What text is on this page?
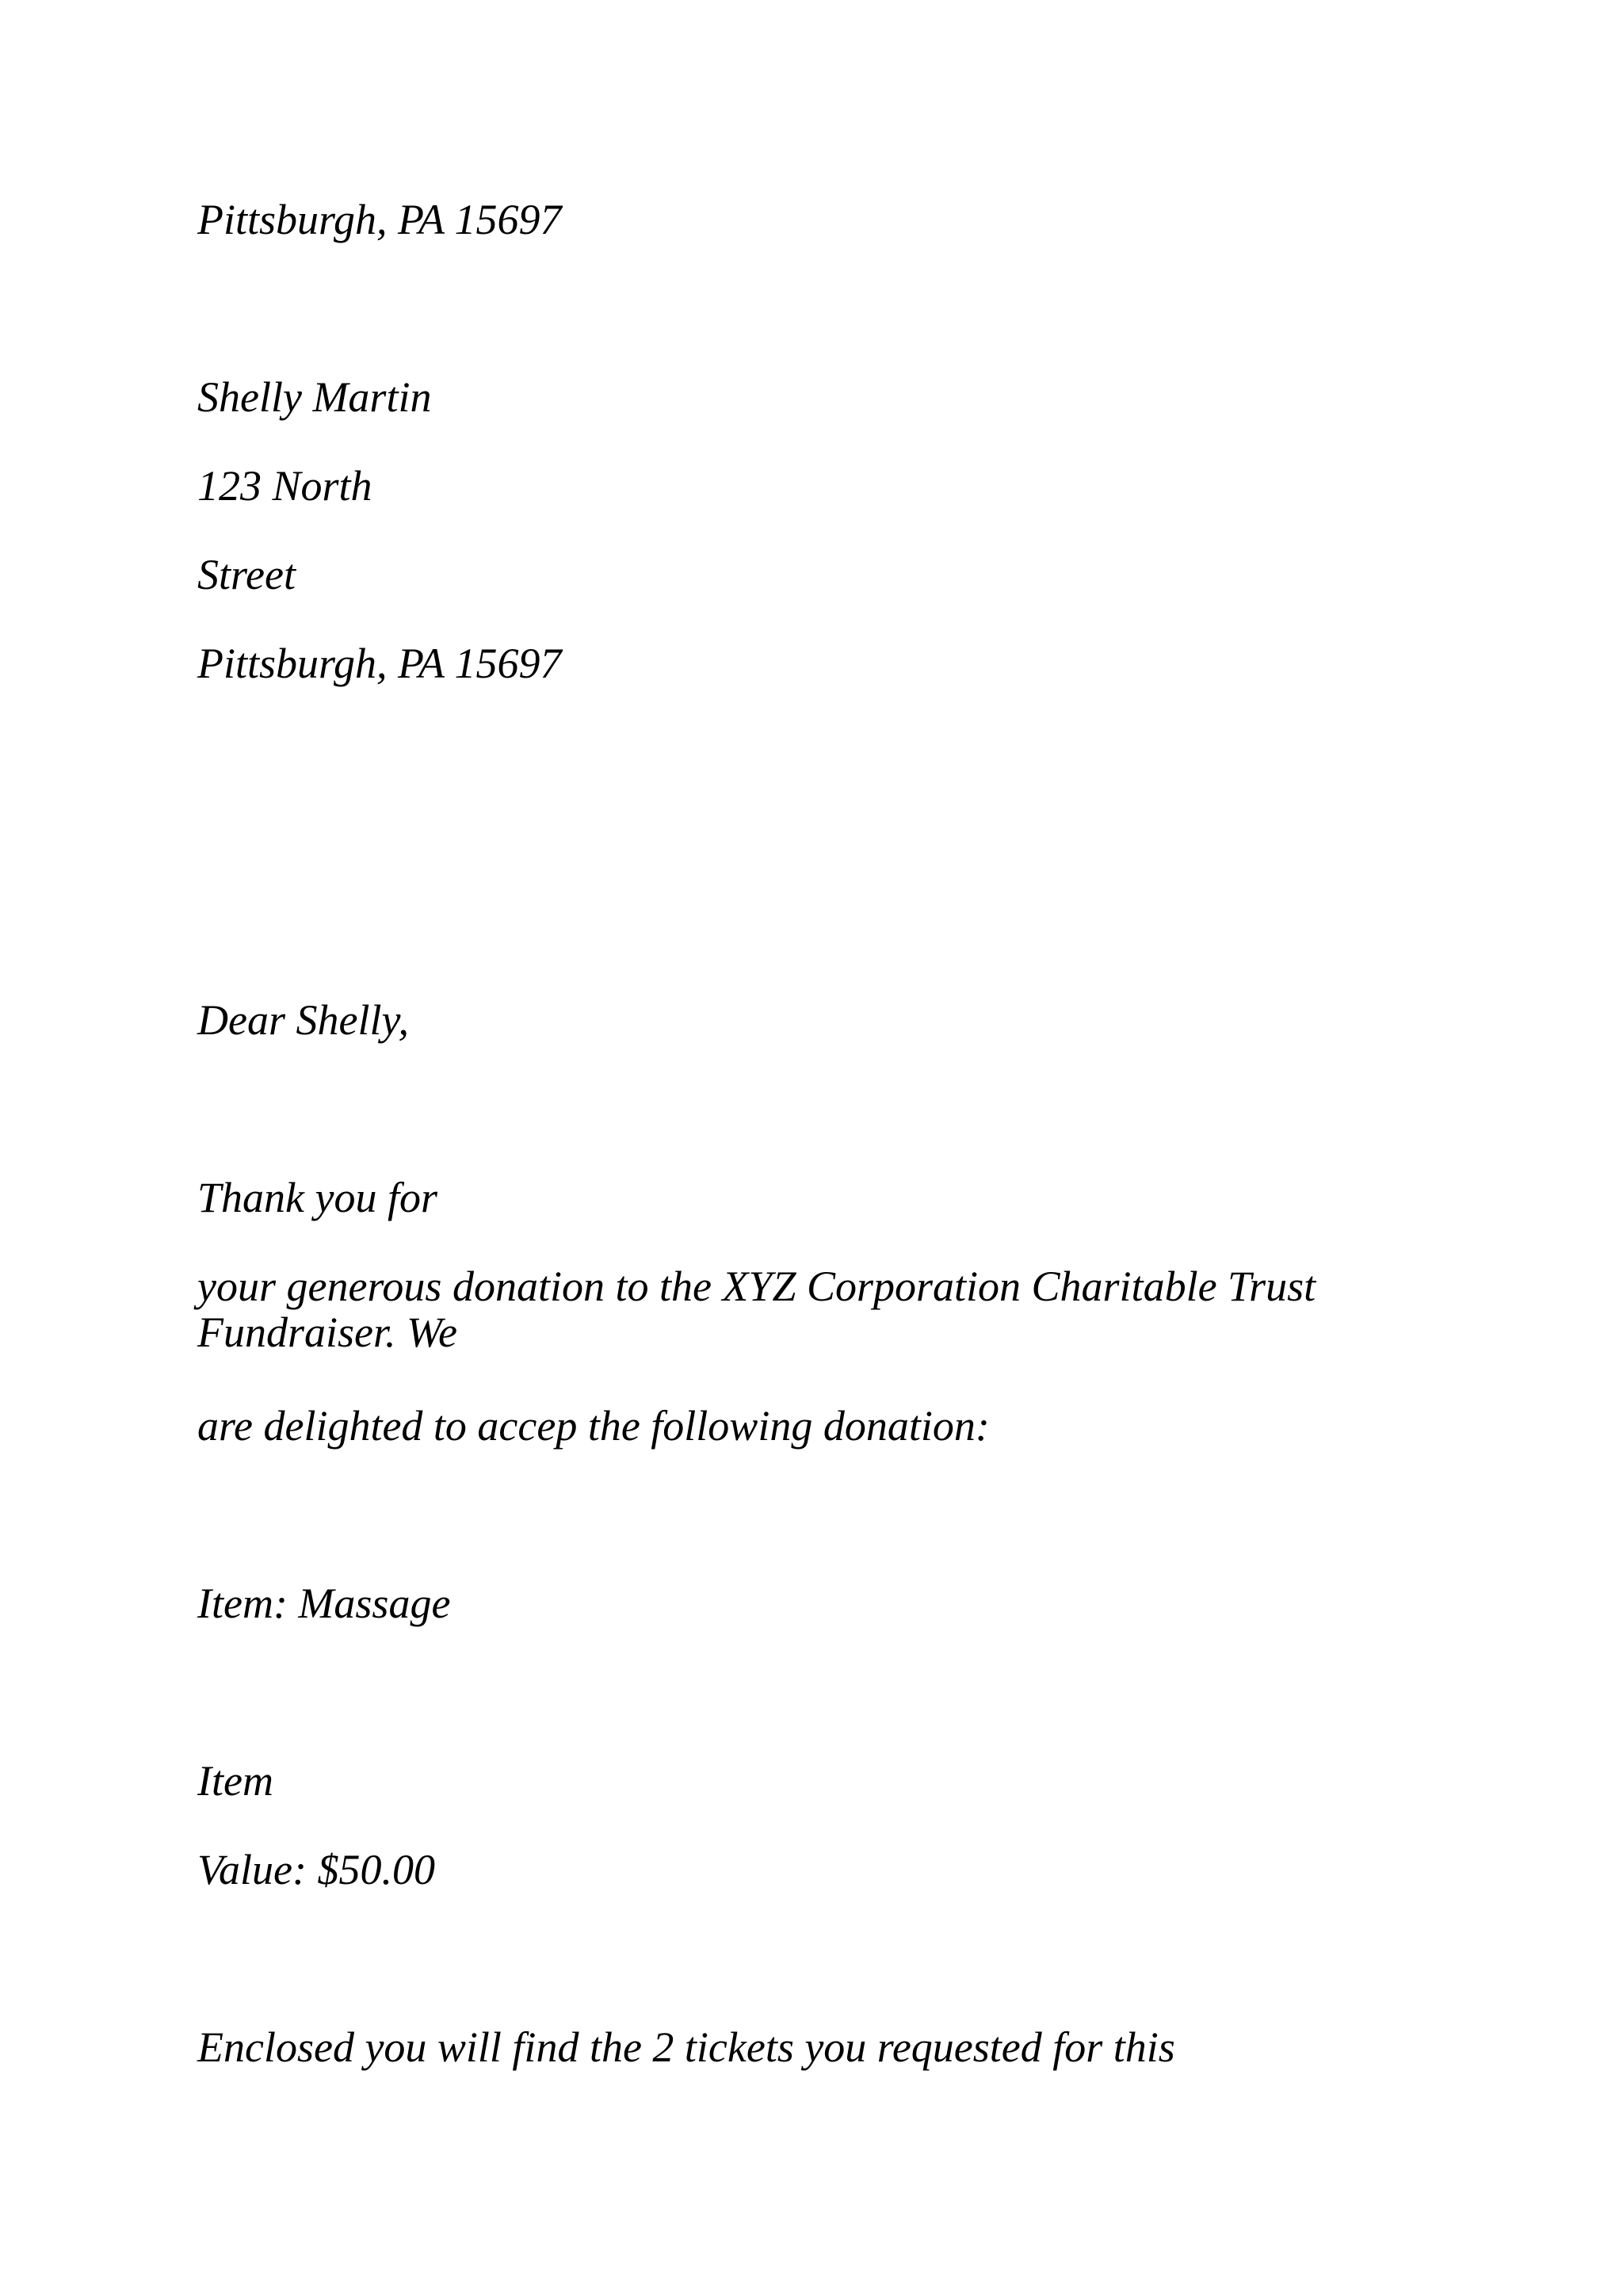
Pittsburgh, PA 15697

Shelly Martin

123 North

Street

Pittsburgh, PA 15697

Dear Shelly,

Thank you for

your generous donation to the XYZ Corporation Charitable Trust

Fundraiser. We

are delighted to accep the following donation:

Item: Massage

Item

Value: $50.00

Enclosed you will find the 2 tickets you requested for this
